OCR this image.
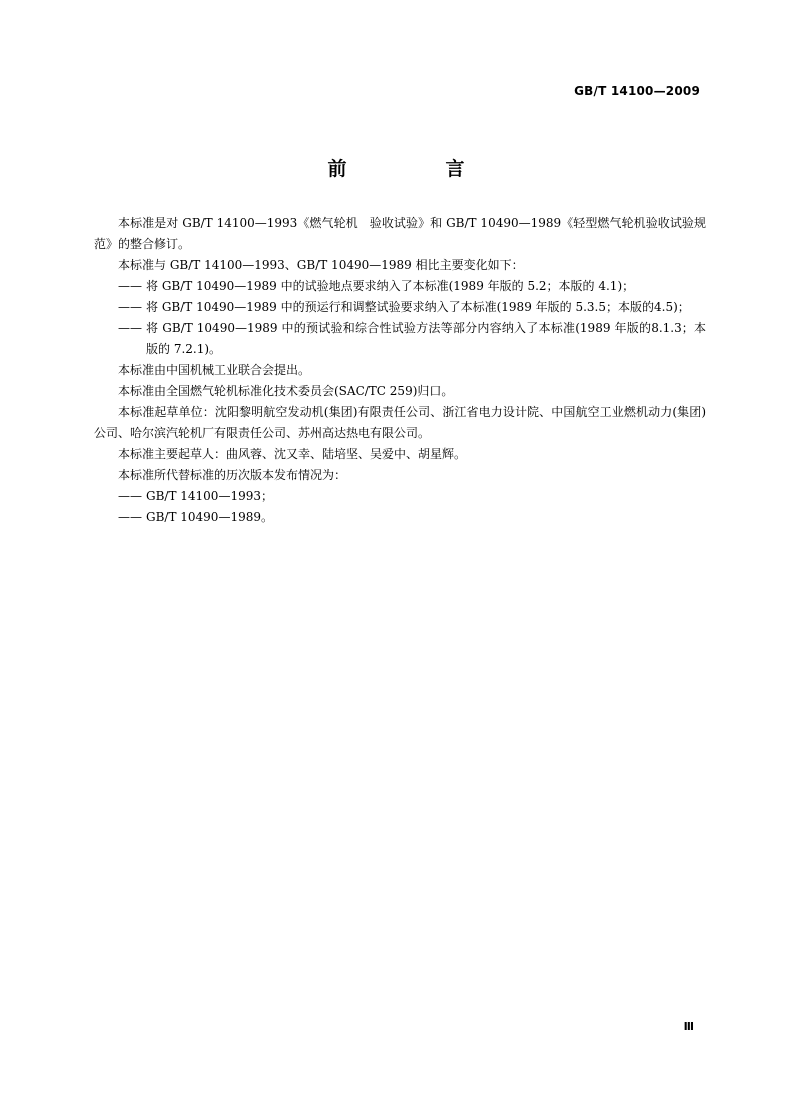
GB/T 14100—2009
前　言

本标准是对 GB/T 14100—1993《燃气轮机　验收试验》和 GB/T 10490—1989《轻型燃气轮机验收试验规范》的整合修订。

本标准与 GB/T 14100—1993、GB/T 10490—1989 相比主要变化如下：

—— 将 GB/T 10490—1989 中的试验地点要求纳入了本标准(1989 年版的 5.2；本版的 4.1)；

—— 将 GB/T 10490—1989 中的预运行和调整试验要求纳入了本标准(1989 年版的 5.3.5；本版的4.5)；

—— 将 GB/T 10490—1989 中的预试验和综合性试验方法等部分内容纳入了本标准(1989 年版的8.1.3；本版的 7.2.1)。

本标准由中国机械工业联合会提出。

本标准由全国燃气轮机标准化技术委员会(SAC/TC 259)归口。

本标准起草单位：沈阳黎明航空发动机(集团)有限责任公司、浙江省电力设计院、中国航空工业燃机动力(集团)公司、哈尔滨汽轮机厂有限责任公司、苏州高达热电有限公司。

本标准主要起草人：曲风蓉、沈又幸、陆培坚、吴爱中、胡星辉。

本标准所代替标准的历次版本发布情况为：

—— GB/T 14100—1993；

—— GB/T 10490—1989。

Ⅲ
